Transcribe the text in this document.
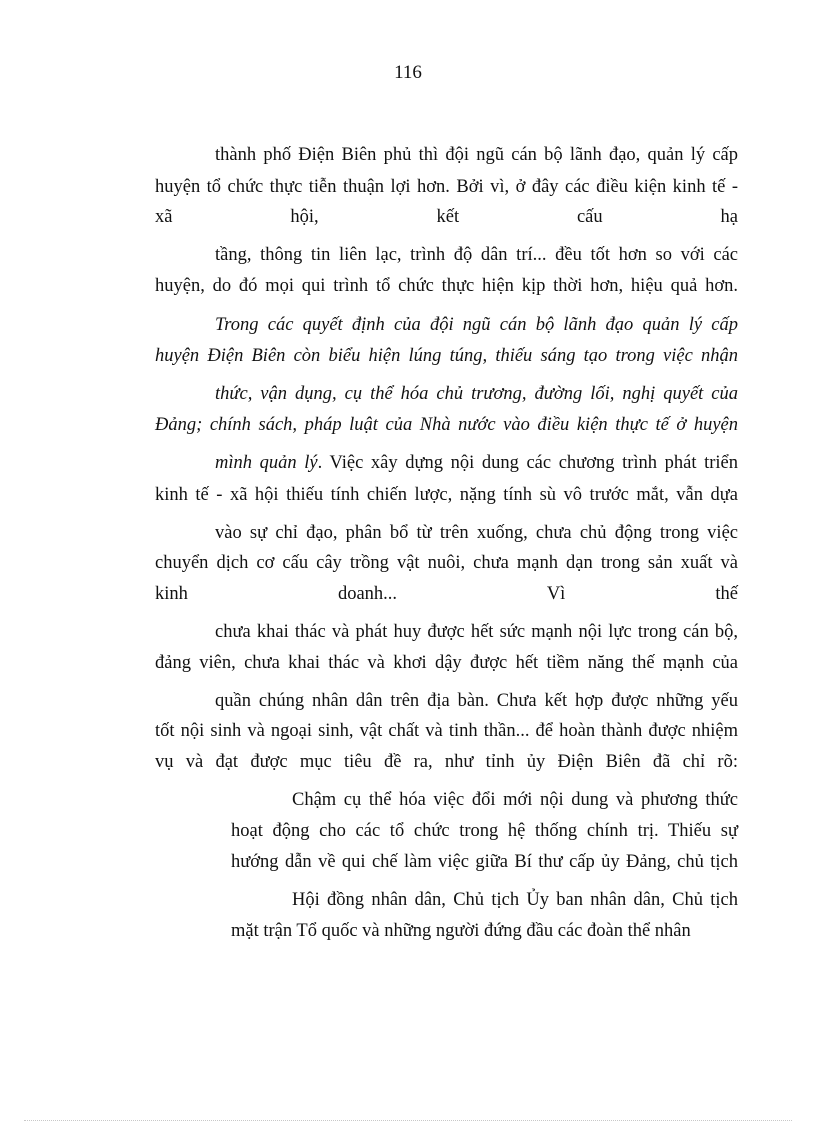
116
thành phố Điện Biên phủ thì đội ngũ cán bộ lãnh đạo, quản lý cấp
huyện tổ chức thực tiễn thuận lợi hơn. Bởi vì, ở đây các điều kiện kinh tế -
xã	hội,	kết	cấu	hạ
tầng, thông tin liên lạc, trình độ dân trí... đều tốt hơn so với các
huyện, do đó mọi qui trình tổ chức thực hiện kịp thời hơn, hiệu quả hơn.
Trong các quyết định của đội ngũ cán bộ lãnh đạo quản lý cấp
huyện Điện Biên còn biểu hiện lúng túng, thiếu sáng tạo trong việc nhận
thức, vận dụng, cụ thể hóa chủ trương, đường lối, nghị quyết của
Đảng; chính sách, pháp luật của Nhà nước vào điều kiện thực tế ở huyện
mình quản lý. Việc xây dựng nội dung các chương trình phát triển
kinh tế - xã hội thiếu tính chiến lược, nặng tính sù vô trước mắt, vẫn dựa
vào sự chỉ đạo, phân bổ từ trên xuống, chưa chủ động trong việc
chuyển dịch cơ cấu cây trồng vật nuôi, chưa mạnh dạn trong sản xuất và
kinh	doanh...	Vì	thế
chưa khai thác và phát huy được hết sức mạnh nội lực trong cán bộ,
đảng viên, chưa khai thác và khơi dậy được hết tiềm năng thế mạnh của
quần chúng nhân dân trên địa bàn. Chưa kết hợp được những yếu
tốt nội sinh và ngoại sinh, vật chất và tinh thần... để hoàn thành được nhiệm
vụ và đạt được mục tiêu đề ra, như tỉnh ủy Điện Biên đã chỉ rõ:
Chậm cụ thể hóa việc đổi mới nội dung và phương thức
hoạt động cho các tổ chức trong hệ thống chính trị. Thiếu sự
hướng dẫn về qui chế làm việc giữa Bí thư cấp ủy Đảng, chủ tịch
Hội đồng nhân dân, Chủ tịch Ủy ban nhân dân, Chủ tịch
mặt trận Tổ quốc và những người đứng đầu các đoàn thể nhân
